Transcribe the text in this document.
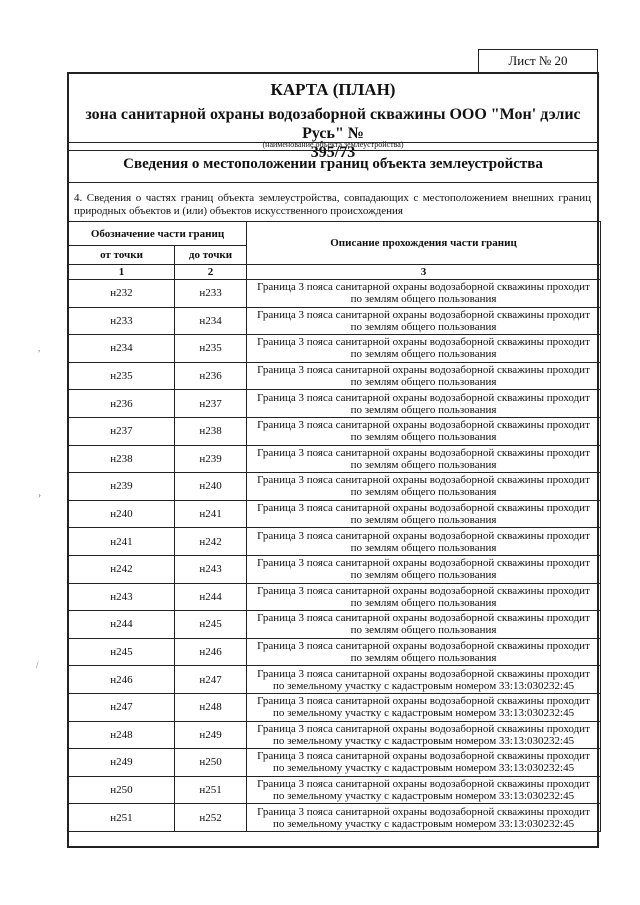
Лист № 20
КАРТА (ПЛАН)
зона санитарной охраны водозаборной скважины ООО "Мон' дэлис Русь" №
395/73
(наименование объекта землеустройства)
Сведения о местоположении границ объекта землеустройства
4. Сведения о частях границ объекта землеустройства, совпадающих с местоположением внешних границ природных объектов и (или) объектов искусственного происхождения
Обозначение части границ		Описание прохождения части границ
от точки	до точки	
1	2	3
н232	н233	Граница 3 пояса санитарной охраны водозаборной скважины проходит
по землям общего пользования

н233	н234	Граница 3 пояса санитарной охраны водозаборной скважины проходит
по землям общего пользования

н234	н235	Граница 3 пояса санитарной охраны водозаборной скважины проходит
по землям общего пользования

н235	н236	Граница 3 пояса санитарной охраны водозаборной скважины проходит
по землям общего пользования

н236	н237	Граница 3 пояса санитарной охраны водозаборной скважины проходит
по землям общего пользования

н237	н238	Граница 3 пояса санитарной охраны водозаборной скважины проходит
по землям общего пользования

н238	н239	Граница 3 пояса санитарной охраны водозаборной скважины проходит
по землям общего пользования

н239	н240	Граница 3 пояса санитарной охраны водозаборной скважины проходит
по землям общего пользования

н240	н241	Граница 3 пояса санитарной охраны водозаборной скважины проходит
по землям общего пользования

н241	н242	Граница 3 пояса санитарной охраны водозаборной скважины проходит
по землям общего пользования

н242	н243	Граница 3 пояса санитарной охраны водозаборной скважины проходит
по землям общего пользования

н243	н244	Граница 3 пояса санитарной охраны водозаборной скважины проходит
по землям общего пользования

н244	н245	Граница 3 пояса санитарной охраны водозаборной скважины проходит
по землям общего пользования

н245	н246	Граница 3 пояса санитарной охраны водозаборной скважины проходит
по землям общего пользования

н246	н247	Граница 3 пояса санитарной охраны водозаборной скважины проходит
по земельному участку с кадастровым номером 33:13:030232:45

н247	н248	Граница 3 пояса санитарной охраны водозаборной скважины проходит
по земельному участку с кадастровым номером 33:13:030232:45

н248	н249	Граница 3 пояса санитарной охраны водозаборной скважины проходит
по земельному участку с кадастровым номером 33:13:030232:45

н249	н250	Граница 3 пояса санитарной охраны водозаборной скважины проходит
по земельному участку с кадастровым номером 33:13:030232:45

н250	н251	Граница 3 пояса санитарной охраны водозаборной скважины проходит
по земельному участку с кадастровым номером 33:13:030232:45

н251	н252	Граница 3 пояса санитарной охраны водозаборной скважины проходит
по земельному участку с кадастровым номером 33:13:030232:45
,
›
/
